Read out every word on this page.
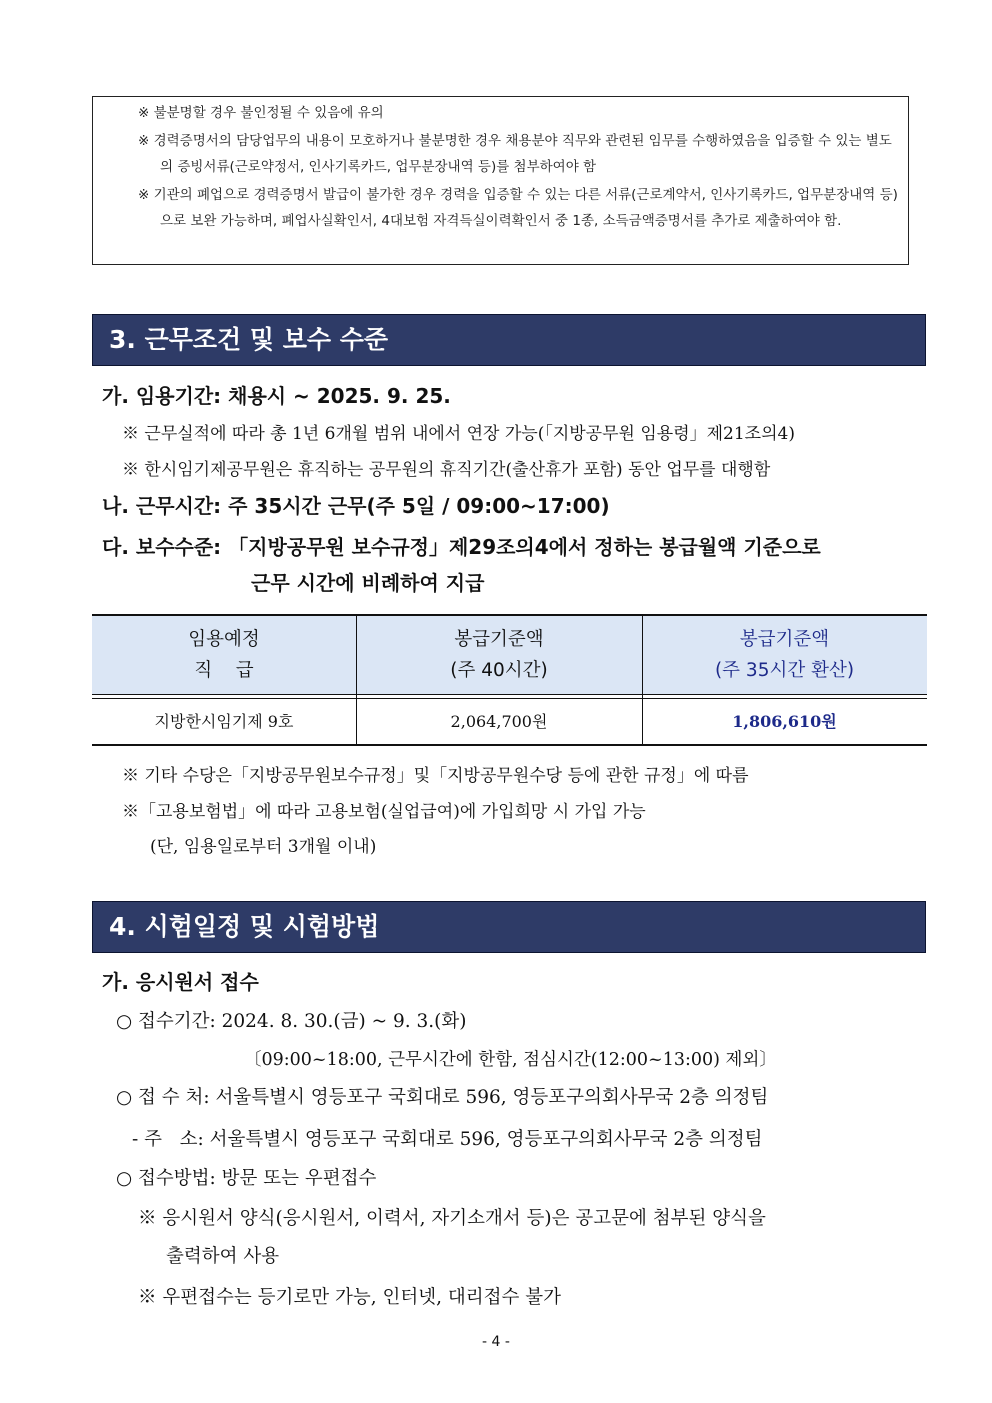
※ 불분명할 경우 불인정될 수 있음에 유의
※ 경력증명서의 담당업무의 내용이 모호하거나 불분명한 경우 채용분야 직무와 관련된 임무를 수행하였음을 입증할 수 있는 별도의 증빙서류(근로약정서, 인사기록카드, 업무분장내역 등)를 첨부하여야 함
※ 기관의 폐업으로 경력증명서 발급이 불가한 경우 경력을 입증할 수 있는 다른 서류(근로계약서, 인사기록카드, 업무분장내역 등)으로 보완 가능하며, 폐업사실확인서, 4대보험 자격득실이력확인서 중 1종, 소득금액증명서를 추가로 제출하여야 함.
3. 근무조건 및 보수 수준
가. 임용기간: 채용시 ~ 2025. 9. 25.
※ 근무실적에 따라 총 1년 6개월 범위 내에서 연장 가능(「지방공무원 임용령」제21조의4)
※ 한시임기제공무원은 휴직하는 공무원의 휴직기간(출산휴가 포함) 동안 업무를 대행함
나. 근무시간: 주 35시간 근무(주 5일 / 09:00~17:00)
다. 보수수준: 「지방공무원 보수규정」제29조의4에서 정하는 봉급월액 기준으로
근무 시간에 비례하여 지급
임용예정
직    급
봉급기준액
(주 40시간)
봉급기준액
(주 35시간 환산)
지방한시임기제 9호	2,064,700원	1,806,610원
※ 기타 수당은「지방공무원보수규정」및「지방공무원수당 등에 관한 규정」에 따름
※「고용보험법」에 따라 고용보험(실업급여)에 가입희망 시 가입 가능
(단, 임용일로부터 3개월 이내)
4. 시험일정 및 시험방법
가. 응시원서 접수
○ 접수기간: 2024. 8. 30.(금) ~ 9. 3.(화)
〔09:00~18:00, 근무시간에 한함, 점심시간(12:00~13:00) 제외〕
○ 접 수 처: 서울특별시 영등포구 국회대로 596, 영등포구의회사무국 2층 의정팀
- 주   소: 서울특별시 영등포구 국회대로 596, 영등포구의회사무국 2층 의정팀
○ 접수방법: 방문 또는 우편접수
※ 응시원서 양식(응시원서, 이력서, 자기소개서 등)은 공고문에 첨부된 양식을
출력하여 사용
※ 우편접수는 등기로만 가능, 인터넷, 대리접수 불가
- 4 -
